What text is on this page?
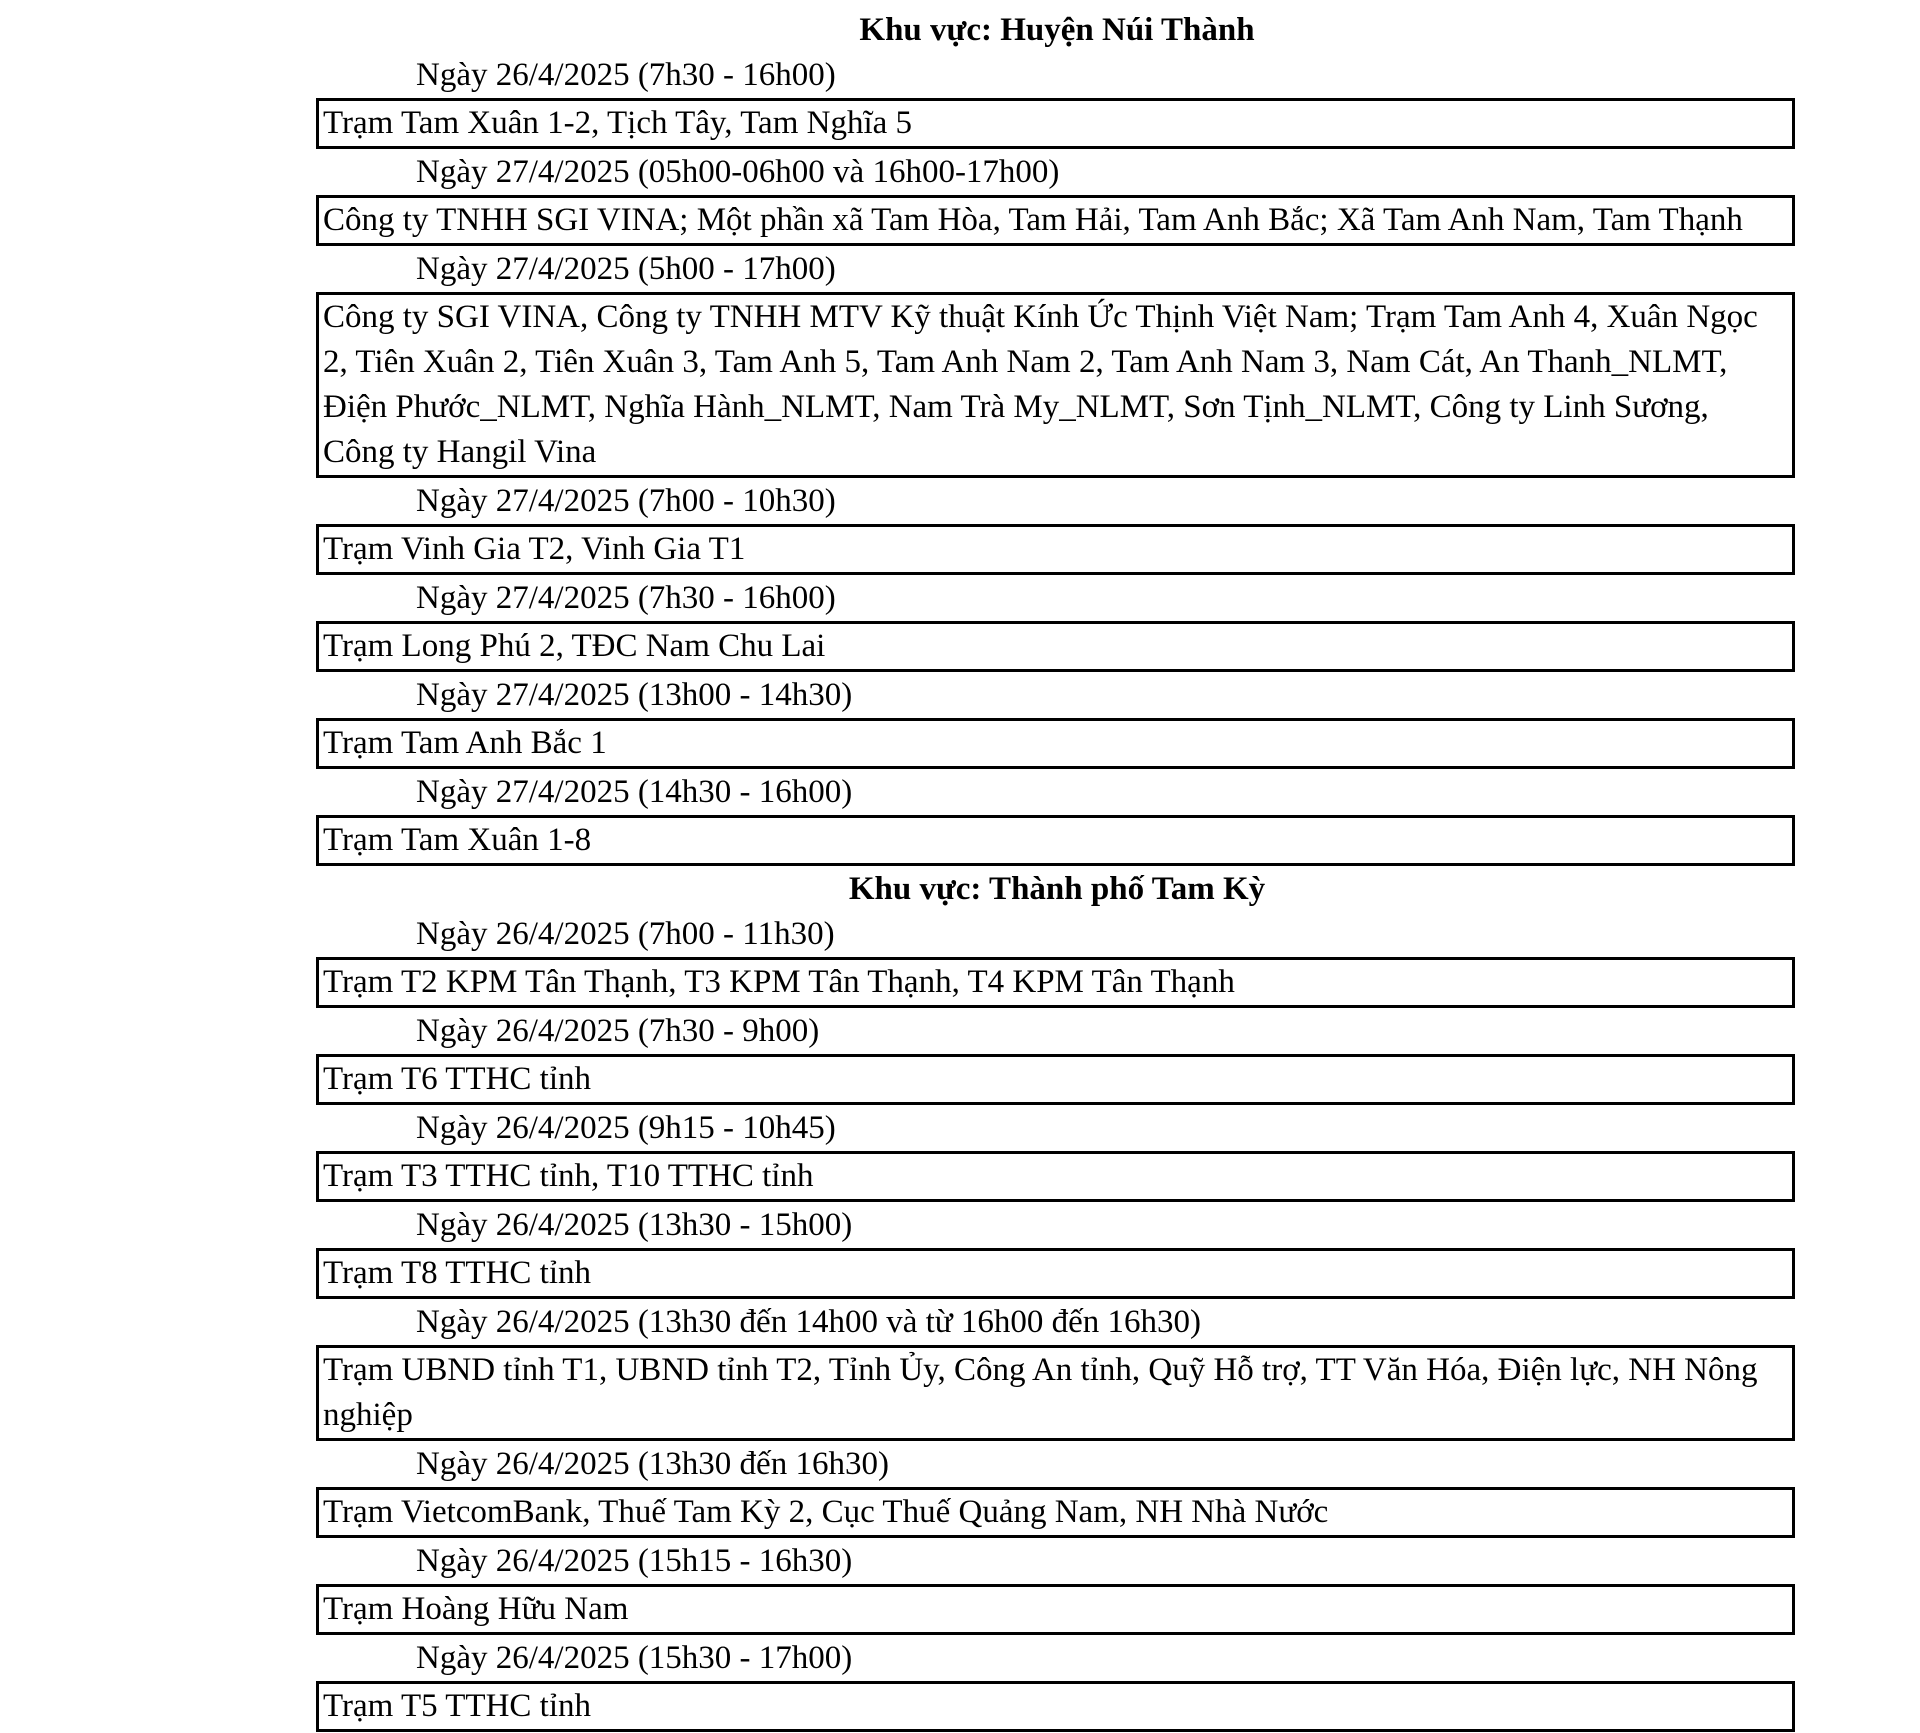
Khu vực: Huyện Núi Thành
Ngày 26/4/2025 (7h30 - 16h00)
Trạm Tam Xuân 1-2, Tịch Tây, Tam Nghĩa 5
Ngày 27/4/2025 (05h00-06h00 và 16h00-17h00)
Công ty TNHH SGI VINA; Một phần xã Tam Hòa, Tam Hải, Tam Anh Bắc; Xã Tam Anh Nam, Tam Thạnh
Ngày 27/4/2025 (5h00 - 17h00)
Công ty SGI VINA, Công ty TNHH MTV Kỹ thuật Kính Ức Thịnh Việt Nam; Trạm Tam Anh 4, Xuân Ngọc 2, Tiên Xuân 2, Tiên Xuân 3, Tam Anh 5, Tam Anh Nam 2, Tam Anh Nam 3, Nam Cát, An Thanh_NLMT, Điện Phước_NLMT, Nghĩa Hành_NLMT, Nam Trà My_NLMT, Sơn Tịnh_NLMT, Công ty Linh Sương, Công ty Hangil Vina
Ngày 27/4/2025 (7h00 - 10h30)
Trạm Vinh Gia T2, Vinh Gia T1
Ngày 27/4/2025 (7h30 - 16h00)
Trạm Long Phú 2, TĐC Nam Chu Lai
Ngày 27/4/2025 (13h00 - 14h30)
Trạm Tam Anh Bắc 1
Ngày 27/4/2025 (14h30 - 16h00)
Trạm Tam Xuân 1-8
Khu vực: Thành phố Tam Kỳ
Ngày 26/4/2025 (7h00 - 11h30)
Trạm T2 KPM Tân Thạnh, T3 KPM Tân Thạnh, T4 KPM Tân Thạnh
Ngày 26/4/2025 (7h30 - 9h00)
Trạm T6 TTHC tỉnh
Ngày 26/4/2025 (9h15 - 10h45)
Trạm T3 TTHC tỉnh, T10 TTHC tỉnh
Ngày 26/4/2025 (13h30 - 15h00)
Trạm T8 TTHC tỉnh
Ngày 26/4/2025 (13h30 đến 14h00 và từ 16h00 đến 16h30)
Trạm UBND tỉnh T1, UBND tỉnh T2, Tỉnh Ủy, Công An tỉnh, Quỹ Hỗ trợ, TT Văn Hóa, Điện lực, NH Nông nghiệp
Ngày 26/4/2025 (13h30 đến 16h30)
Trạm VietcomBank, Thuế Tam Kỳ 2, Cục Thuế Quảng Nam, NH Nhà Nước
Ngày 26/4/2025 (15h15 - 16h30)
Trạm Hoàng Hữu Nam
Ngày 26/4/2025 (15h30 - 17h00)
Trạm T5 TTHC tỉnh
